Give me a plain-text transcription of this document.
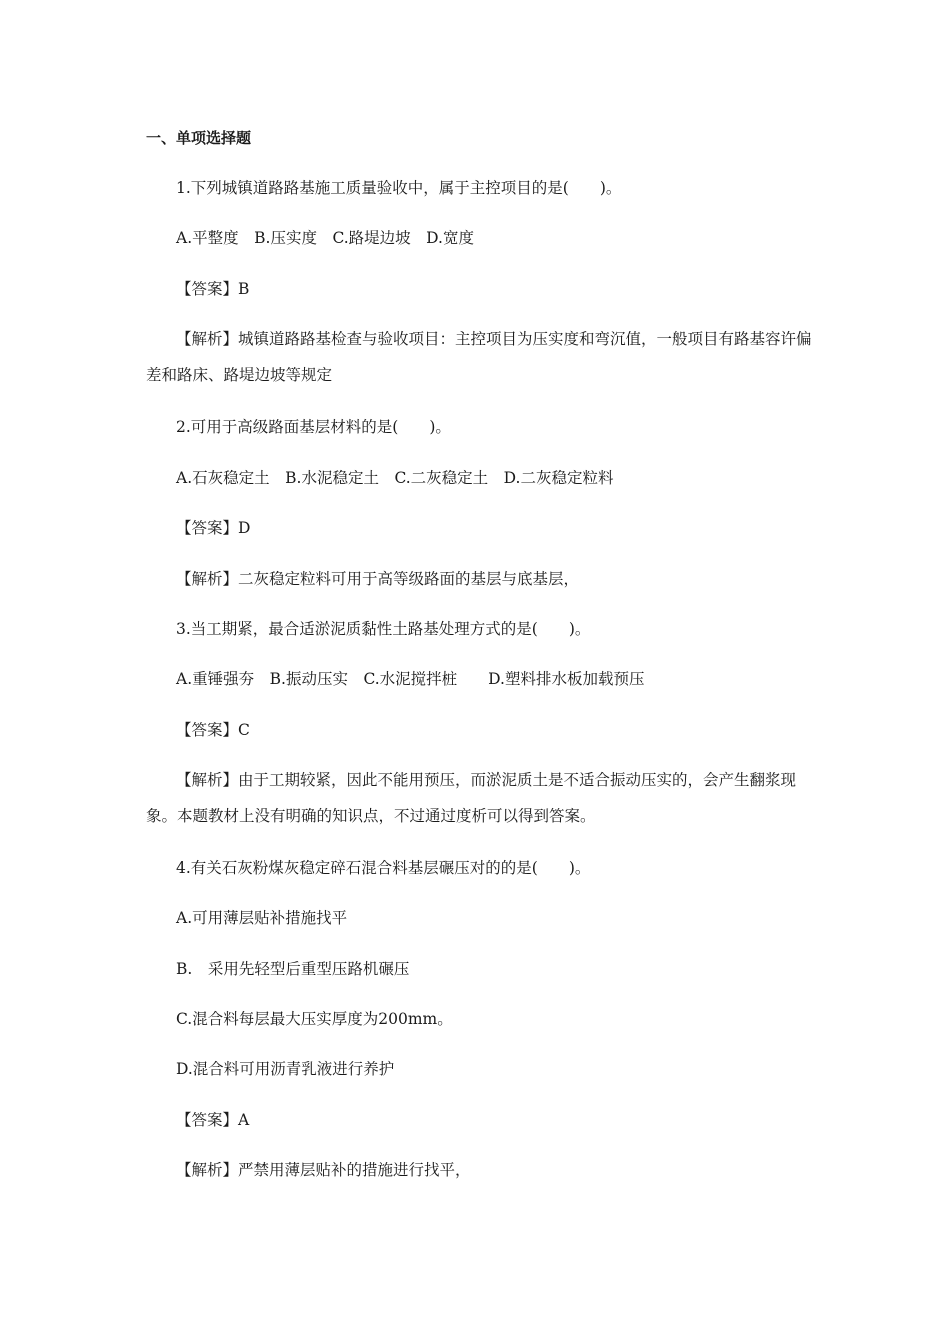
一、单项选择题
1.下列城镇道路路基施工质量验收中，属于主控项目的是(　　)。
A.平整度　B.压实度　C.路堤边坡　D.宽度
【答案】B
【解析】城镇道路路基检查与验收项目：主控项目为压实度和弯沉值，一般项目有路基容许偏差和路床、路堤边坡等规定
2.可用于高级路面基层材料的是(　　)。
A.石灰稳定土　B.水泥稳定土　C.二灰稳定土　D.二灰稳定粒料
【答案】D
【解析】二灰稳定粒料可用于高等级路面的基层与底基层，
3.当工期紧，最合适淤泥质黏性土路基处理方式的是(　　)。
A.重锤强夯　B.振动压实　C.水泥搅拌桩　　D.塑料排水板加载预压
【答案】C
【解析】由于工期较紧，因此不能用预压，而淤泥质土是不适合振动压实的，会产生翻浆现象。本题教材上没有明确的知识点，不过通过度析可以得到答案。
4.有关石灰粉煤灰稳定碎石混合料基层碾压对的的是(　　)。
A.可用薄层贴补措施找平
B.　采用先轻型后重型压路机碾压
C.混合料每层最大压实厚度为200mm。
D.混合料可用沥青乳液进行养护
【答案】A
【解析】严禁用薄层贴补的措施进行找平，
